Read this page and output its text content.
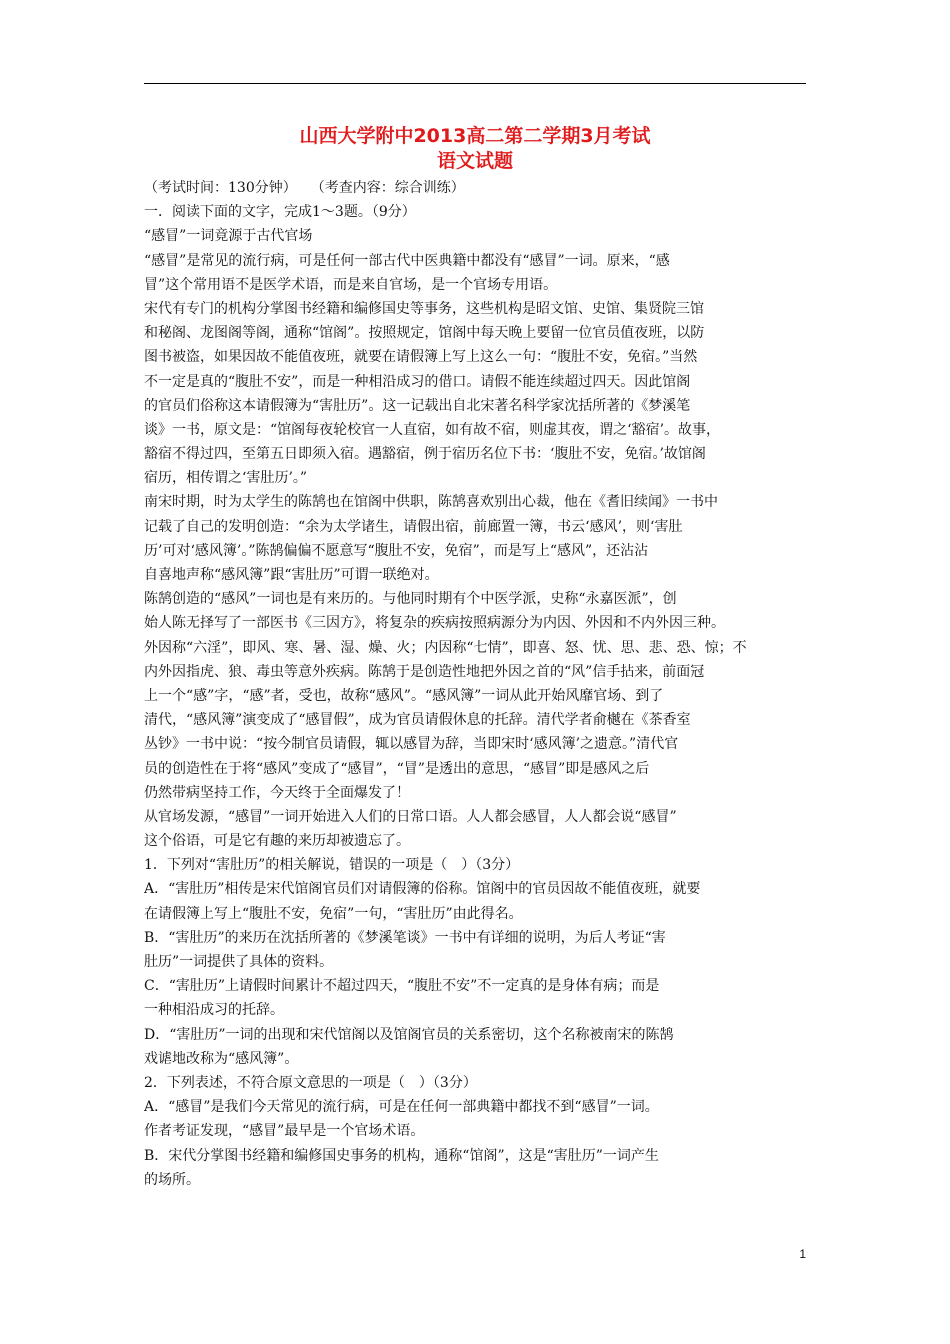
山西大学附中2013高二第二学期3月考试
语文试题
（考试时间：130分钟）　　（考查内容：综合训练）
一．阅读下面的文字，完成1～3题。（9分）
“感冒”一词竟源于古代官场
“感冒”是常见的流行病，可是任何一部古代中医典籍中都没有“感冒”一词。原来，“感
冒”这个常用语不是医学术语，而是来自官场，是一个官场专用语。
宋代有专门的机构分掌图书经籍和编修国史等事务，这些机构是昭文馆、史馆、集贤院三馆
和秘阁、龙图阁等阁，通称“馆阁”。按照规定，馆阁中每天晚上要留一位官员值夜班，以防
图书被盗，如果因故不能值夜班，就要在请假簿上写上这么一句：“腹肚不安，免宿。”当然
不一定是真的“腹肚不安”，而是一种相沿成习的借口。请假不能连续超过四天。因此馆阁
的官员们俗称这本请假簿为“害肚历”。这一记载出自北宋著名科学家沈括所著的《梦溪笔
谈》一书，原文是：“馆阁每夜轮校官一人直宿，如有故不宿，则虚其夜，谓之‘豁宿’。故事，
豁宿不得过四，至第五日即须入宿。遇豁宿，例于宿历名位下书：‘腹肚不安，免宿。’故馆阁
宿历，相传谓之‘害肚历’。”
南宋时期，时为太学生的陈鹄也在馆阁中供职，陈鹄喜欢别出心裁，他在《耆旧续闻》一书中
记载了自己的发明创造：“余为太学诸生，请假出宿，前廊置一簿，书云‘感风’，则‘害肚
历’可对‘感风簿’。”陈鹄偏偏不愿意写“腹肚不安，免宿”，而是写上“感风”，还沾沾
自喜地声称“感风簿”跟“害肚历”可谓一联绝对。
陈鹄创造的“感风”一词也是有来历的。与他同时期有个中医学派，史称“永嘉医派”，创
始人陈无择写了一部医书《三因方》，将复杂的疾病按照病源分为内因、外因和不内外因三种。
外因称“六淫”，即风、寒、暑、湿、燥、火；内因称“七情”，即喜、怒、忧、思、悲、恐、惊；不
内外因指虎、狼、毒虫等意外疾病。陈鹄于是创造性地把外因之首的“风”信手拈来，前面冠
上一个“感”字，“感”者，受也，故称“感风”。“感风簿”一词从此开始风靡官场、到了
清代，“感风簿”演变成了“感冒假”，成为官员请假休息的托辞。清代学者俞樾在《茶香室
丛钞》一书中说：“按今制官员请假，辄以感冒为辞，当即宋时‘感风簿’之遗意。”清代官
员的创造性在于将“感风”变成了“感冒”，“冒”是透出的意思，“感冒”即是感风之后
仍然带病坚持工作，今天终于全面爆发了！
从官场发源，“感冒”一词开始进入人们的日常口语。人人都会感冒，人人都会说“感冒”
这个俗语，可是它有趣的来历却被遗忘了。
1．下列对“害肚历”的相关解说，错误的一项是（　）（3分）
A．“害肚历”相传是宋代馆阁官员们对请假簿的俗称。馆阁中的官员因故不能值夜班，就要
在请假簿上写上“腹肚不安，免宿”一句，“害肚历”由此得名。
B．“害肚历”的来历在沈括所著的《梦溪笔谈》一书中有详细的说明，为后人考证“害
肚历”一词提供了具体的资料。
C．“害肚历”上请假时间累计不超过四天，“腹肚不安”不一定真的是身体有病；而是
一种相沿成习的托辞。
D．“害肚历”一词的出现和宋代馆阁以及馆阁官员的关系密切，这个名称被南宋的陈鹄
戏谑地改称为“感风簿”。
2．下列表述，不符合原文意思的一项是（　）（3分）
A．“感冒”是我们今天常见的流行病，可是在任何一部典籍中都找不到“感冒”一词。
作者考证发现，“感冒”最早是一个官场术语。
B．宋代分掌图书经籍和编修国史事务的机构，通称“馆阁”，这是“害肚历”一词产生
的场所。
1
